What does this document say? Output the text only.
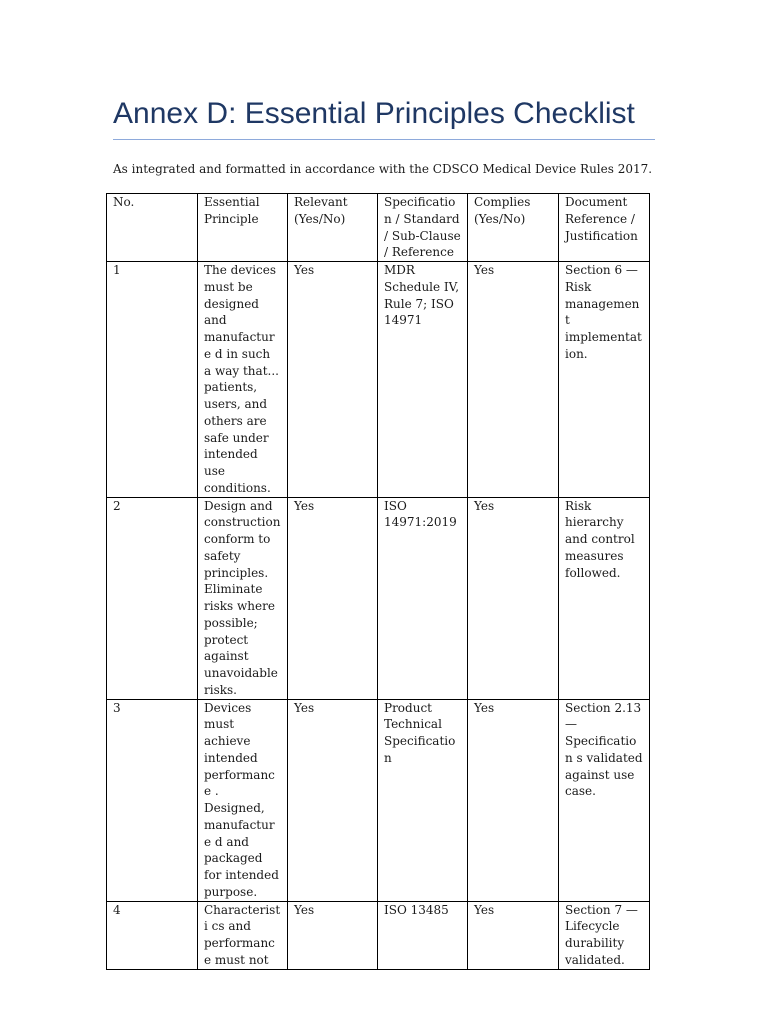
Annex D: Essential Principles Checklist

As integrated and formatted in accordance with the CDSCO Medical Device Rules 2017.

No.	Essential Principle	Relevant (Yes/No)	Specification / Standard / Sub-Clause / Reference	Complies (Yes/No)	Document Reference / Justification
1	The devices must be designed and manufacture d in such a way that... patients, users, and others are safe under intended use conditions.	Yes	MDR Schedule IV, Rule 7; ISO 14971	Yes	Section 6 — Risk management implementat ion.
2	Design and construction conform to safety principles. Eliminate risks where possible; protect against unavoidable risks.	Yes	ISO 14971:2019	Yes	Risk hierarchy and control measures followed.
3	Devices must achieve intended performance . Designed, manufacture d and packaged for intended purpose.	Yes	Product Technical Specification	Yes	Section 2.13 — Specification s validated against use case.
4	Characteristi cs and performance must not	Yes	ISO 13485	Yes	Section 7 — Lifecycle durability validated.
